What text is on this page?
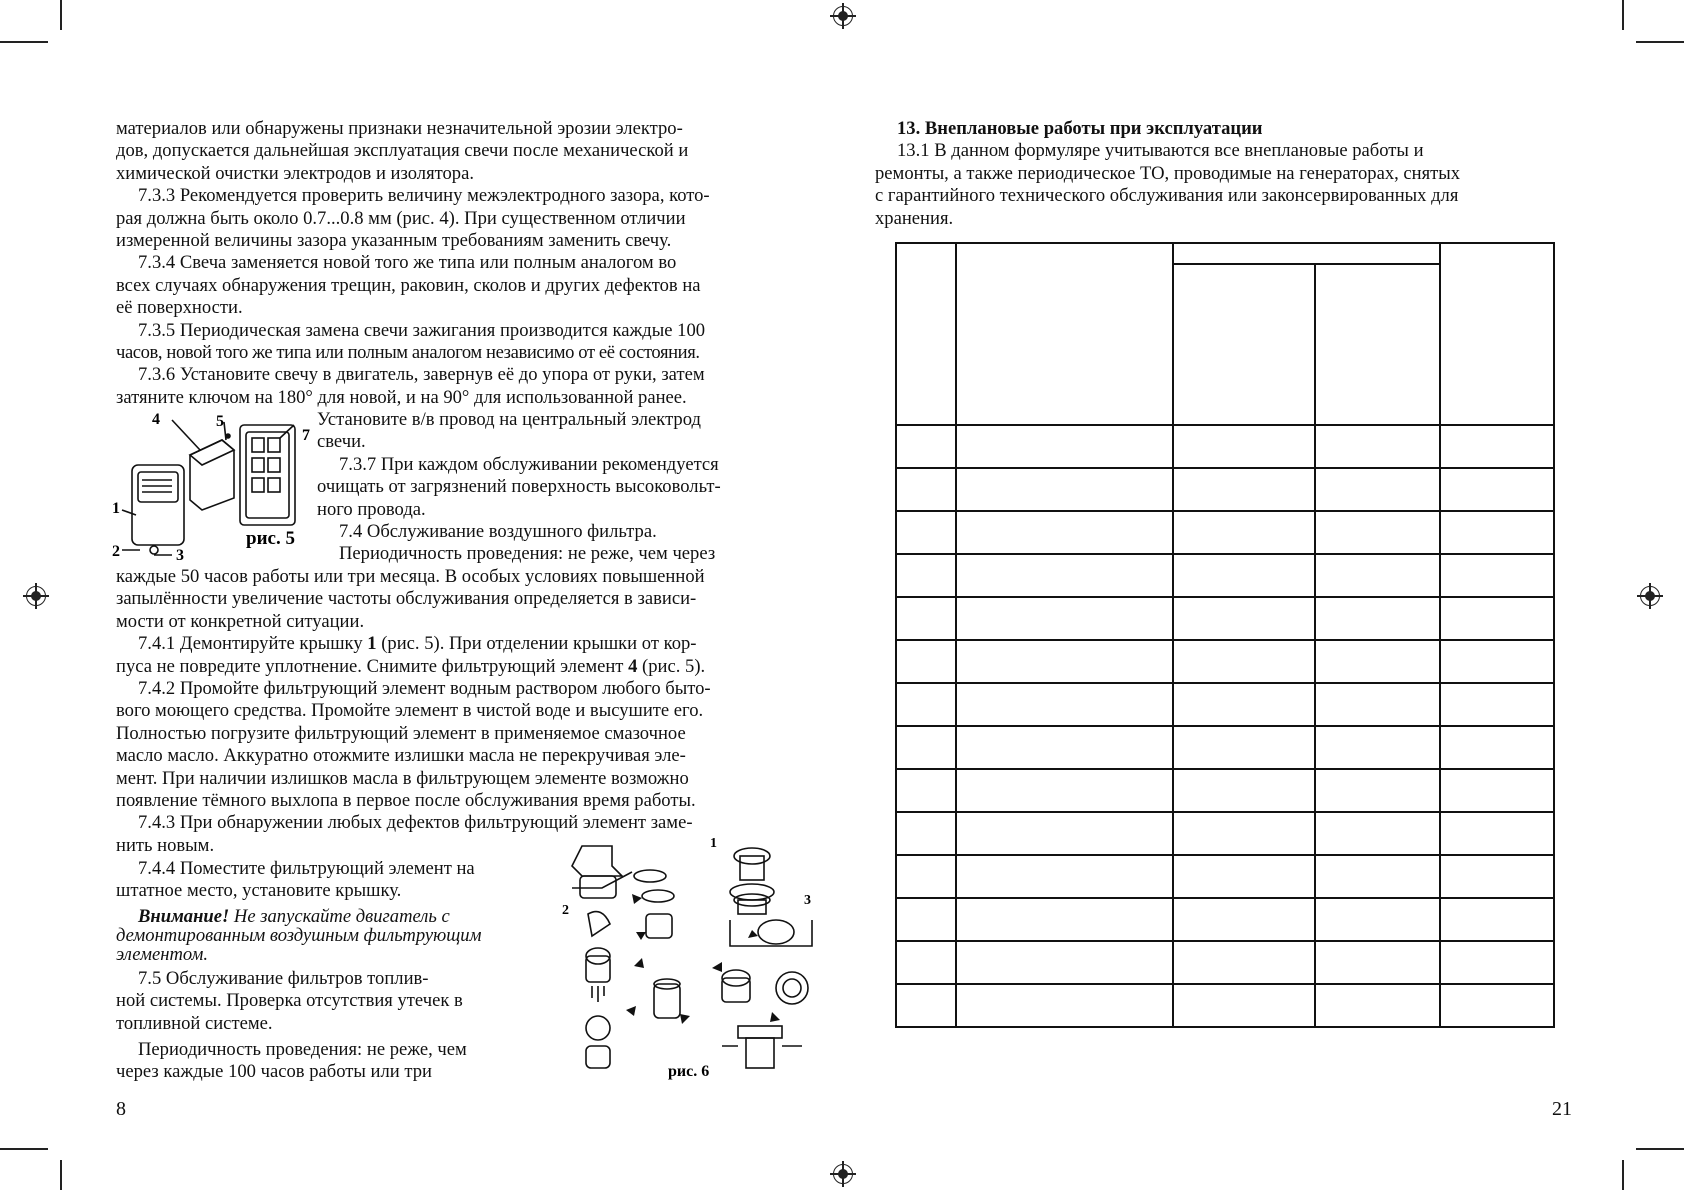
материалов или обнаружены признаки незначительной эрозии электро-

дов, допускается дальнейшая эксплуатация свечи после механической и

химической очистки электродов и изолятора.

7.3.3 Рекомендуется проверить величину межэлектродного зазора, кото-

рая должна быть около 0.7...0.8 мм (рис. 4). При существенном отличии

измеренной величины зазора указанным требованиям заменить свечу.

7.3.4 Свеча заменяется новой того же типа или полным аналогом во

всех случаях обнаружения трещин, раковин, сколов и других дефектов на

её поверхности.

7.3.5 Периодическая замена свечи зажигания производится каждые 100

часов, новой того же типа или полным аналогом независимо от её состояния.

7.3.6 Установите свечу в двигатель, завернув её до упора от руки, затем

затяните ключом на 180° для новой, и на 90° для использованной ранее.

4	5
7
1
2	3
рис. 5

Установите в/в провод на центральный электрод

свечи.

7.3.7 При каждом обслуживании рекомендуется

очищать от загрязнений поверхность высоковольт-

ного провода.

7.4 Обслуживание воздушного фильтра.

Периодичность проведения: не реже, чем через

каждые 50 часов работы или три месяца. В особых условиях повышенной

запылённости увеличение частоты обслуживания определяется в зависи-

мости от конкретной ситуации.

7.4.1 Демонтируйте крышку 1 (рис. 5). При отделении крышки от кор-

пуса не повредите уплотнение. Снимите фильтрующий элемент 4 (рис. 5).

7.4.2 Промойте фильтрующий элемент водным раствором любого быто-

вого моющего средства. Промойте элемент в чистой воде и высушите его.

Полностью погрузите фильтрующий элемент в применяемое смазочное

масло масло. Аккуратно отожмите излишки масла не перекручивая эле-

мент. При наличии излишков масла в фильтрующем элементе возможно

появление тёмного выхлопа в первое после обслуживания время работы.

7.4.3 При обнаружении любых дефектов фильтрующий элемент заме-

нить новым.

7.4.4 Поместите фильтрующий элемент на

штатное место, установите крышку.

Внимание! Не запускайте двигатель с

демонтированным воздушным фильтрующим

элементом.

7.5 Обслуживание фильтров топлив-

ной системы. Проверка отсутствия утечек в

топливной системе.

Периодичность проведения: не реже, чем

через каждые 100 часов работы или три

1
2
3
рис. 6
8

13. Внеплановые работы при эксплуатации

13.1 В данном формуляре учитываются все внеплановые работы и

ремонты, а также периодическое ТО, проводимые на генераторах, снятых

с гарантийного технического обслуживания или законсервированных для

хранения.

21
